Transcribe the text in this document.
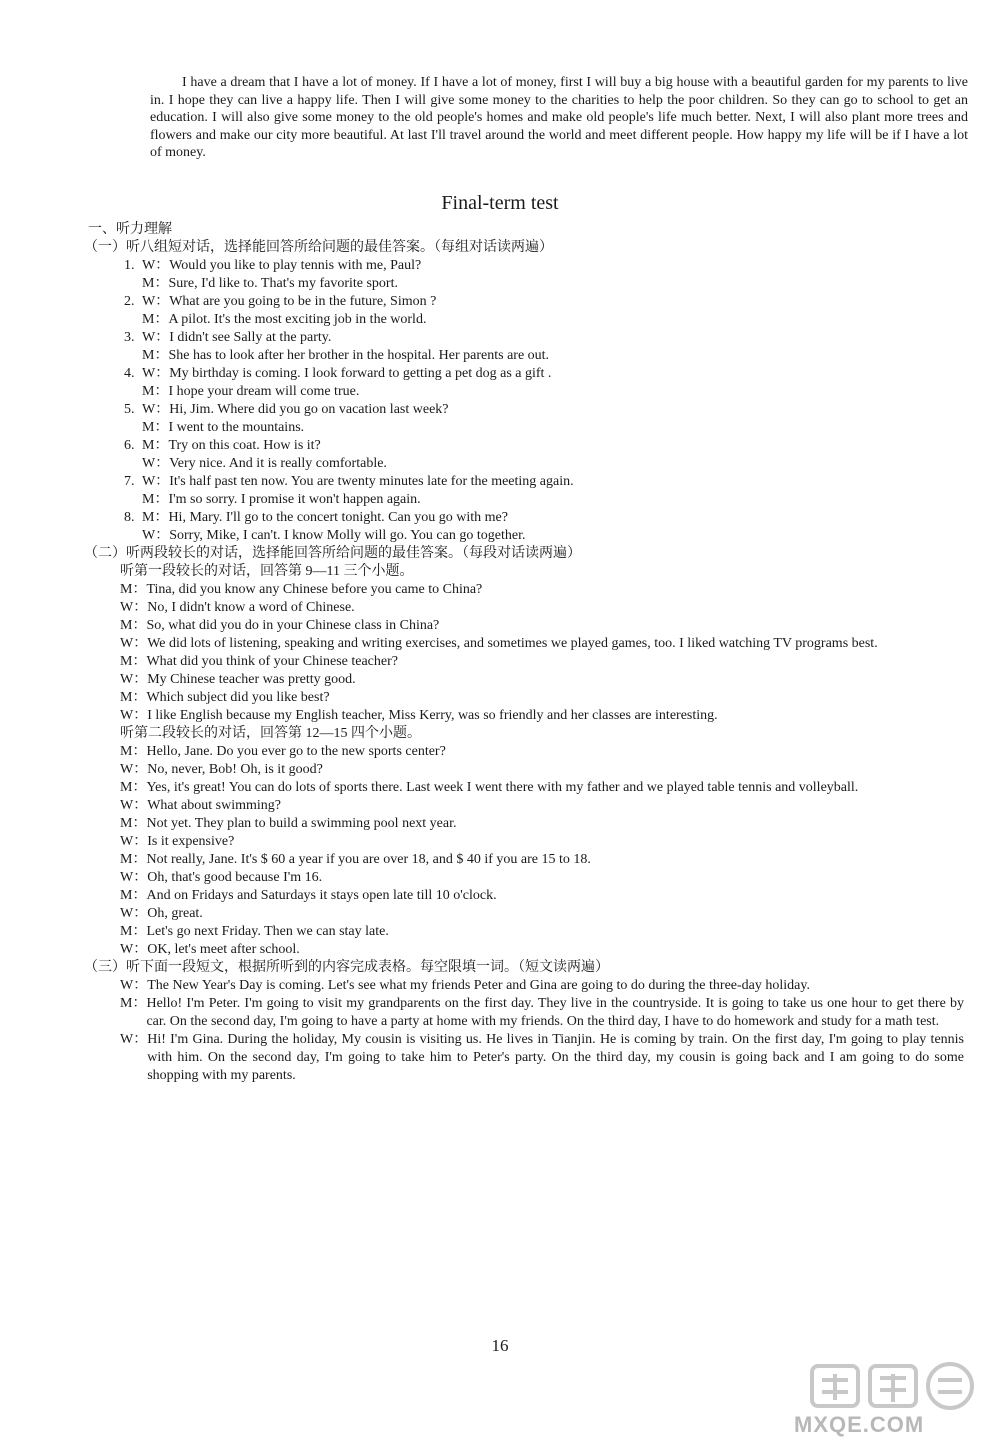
I have a dream that I have a lot of money. If I have a lot of money, first I will buy a big house with a beautiful garden for my parents to live in. I hope they can live a happy life. Then I will give some money to the charities to help the poor children. So they can go to school to get an education. I will also give some money to the old people's homes and make old people's life much better. Next, I will also plant more trees and flowers and make our city more beautiful. At last I'll travel around the world and meet different people. How happy my life will be if I have a lot of money.

Final-term test
一、听力理解
（一）听八组短对话，选择能回答所给问题的最佳答案。（每组对话读两遍）
1. W：Would you like to play tennis with me, Paul?
M：Sure, I'd like to. That's my favorite sport.
2. W：What are you going to be in the future, Simon ?
M：A pilot. It's the most exciting job in the world.
3. W：I didn't see Sally at the party.
M：She has to look after her brother in the hospital. Her parents are out.
4. W：My birthday is coming. I look forward to getting a pet dog as a gift .
M：I hope your dream will come true.
5. W：Hi, Jim. Where did you go on vacation last week?
M：I went to the mountains.
6. M：Try on this coat. How is it?
W：Very nice. And it is really comfortable.
7. W：It's half past ten now. You are twenty minutes late for the meeting again.
M：I'm so sorry. I promise it won't happen again.
8. M：Hi, Mary. I'll go to the concert tonight. Can you go with me?
W：Sorry, Mike, I can't. I know Molly will go. You can go together.
（二）听两段较长的对话，选择能回答所给问题的最佳答案。（每段对话读两遍）
听第一段较长的对话，回答第 9—11 三个小题。
M： Tina, did you know any Chinese before you came to China?
W： No, I didn't know a word of Chinese.
M： So, what did you do in your Chinese class in China?
W： We did lots of listening, speaking and writing exercises, and sometimes we played games, too. I liked watching TV programs best.
M： What did you think of your Chinese teacher?
W： My Chinese teacher was pretty good.
M： Which subject did you like best?
W： I like English because my English teacher, Miss Kerry, was so friendly and her classes are interesting.
听第二段较长的对话，回答第 12—15 四个小题。
M： Hello, Jane. Do you ever go to the new sports center?
W： No, never, Bob! Oh, is it good?
M： Yes, it's great! You can do lots of sports there. Last week I went there with my father and we played table tennis and volleyball.
W： What about swimming?
M： Not yet. They plan to build a swimming pool next year.
W： Is it expensive?
M： Not really, Jane. It's $ 60 a year if you are over 18, and $ 40 if you are 15 to 18.
W： Oh, that's good because I'm 16.
M： And on Fridays and Saturdays it stays open late till 10 o'clock.
W： Oh, great.
M： Let's go next Friday. Then we can stay late.
W： OK, let's meet after school.
（三）听下面一段短文，根据所听到的内容完成表格。每空限填一词。（短文读两遍）
W： The New Year's Day is coming. Let's see what my friends Peter and Gina are going to do during the three-day holiday.
M： Hello! I'm Peter. I'm going to visit my grandparents on the first day. They live in the countryside. It is going to take us one hour to get there by car. On the second day, I'm going to have a party at home with my friends. On the third day, I have to do homework and study for a math test.
W： Hi! I'm Gina. During the holiday, My cousin is visiting us. He lives in Tianjin. He is coming by train. On the first day, I'm going to play tennis with him. On the second day, I'm going to take him to Peter's party. On the third day, my cousin is going back and I am going to do some shopping with my parents.
16
MXQE.COM
